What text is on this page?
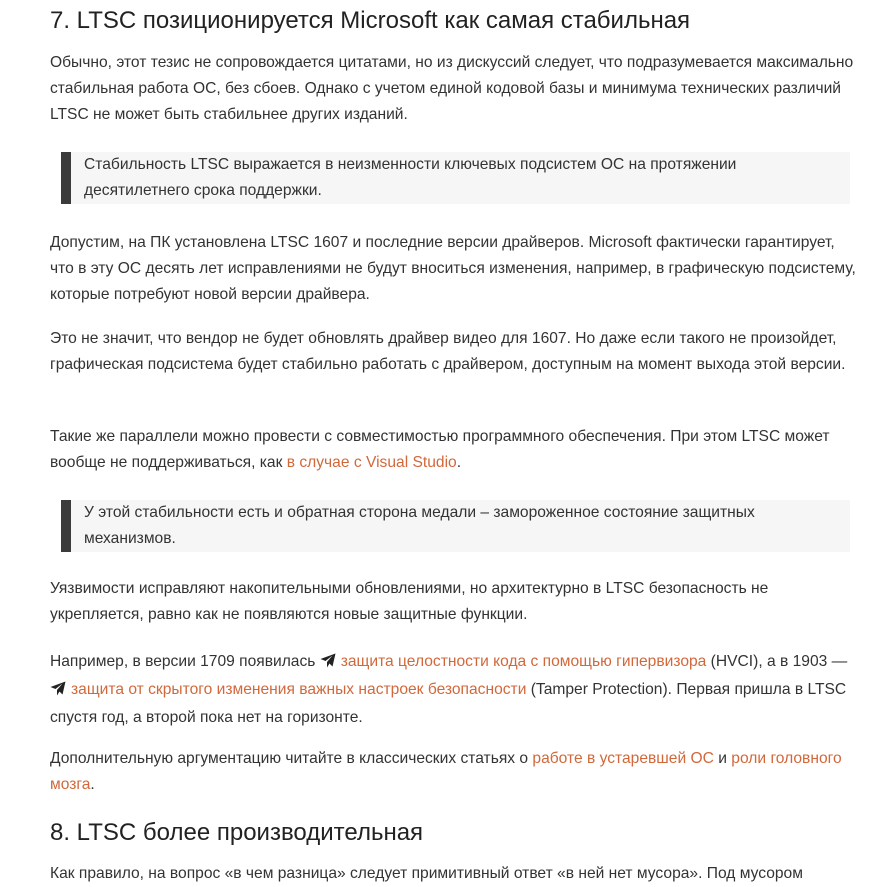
7. LTSC позиционируется Microsoft как самая стабильная

Обычно, этот тезис не сопровождается цитатами, но из дискуссий следует, что подразумевается максимально стабильная работа ОС, без сбоев. Однако с учетом единой кодовой базы и минимума технических различий LTSC не может быть стабильнее других изданий.

Стабильность LTSC выражается в неизменности ключевых подсистем ОС на протяжении десятилетнего срока поддержки.

Допустим, на ПК установлена LTSC 1607 и последние версии драйверов. Microsoft фактически гарантирует, что в эту ОС десять лет исправлениями не будут вноситься изменения, например, в графическую подсистему, которые потребуют новой версии драйвера.

Это не значит, что вендор не будет обновлять драйвер видео для 1607. Но даже если такого не произойдет, графическая подсистема будет стабильно работать с драйвером, доступным на момент выхода этой версии.

Такие же параллели можно провести с совместимостью программного обеспечения. При этом LTSC может вообще не поддерживаться, как в случае с Visual Studio.

У этой стабильности есть и обратная сторона медали – замороженное состояние защитных механизмов.

Уязвимости исправляют накопительными обновлениями, но архитектурно в LTSC безопасность не укрепляется, равно как не появляются новые защитные функции.

Например, в версии 1709 появилась защита целостности кода с помощью гипервизора (HVCI), а в 1903 — защита от скрытого изменения важных настроек безопасности (Tamper Protection). Первая пришла в LTSC спустя год, а второй пока нет на горизонте.

Дополнительную аргументацию читайте в классических статьях о работе в устаревшей ОС и роли головного мозга.

8. LTSC более производительная

Как правило, на вопрос «в чем разница» следует примитивный ответ «в ней нет мусора». Под мусором
